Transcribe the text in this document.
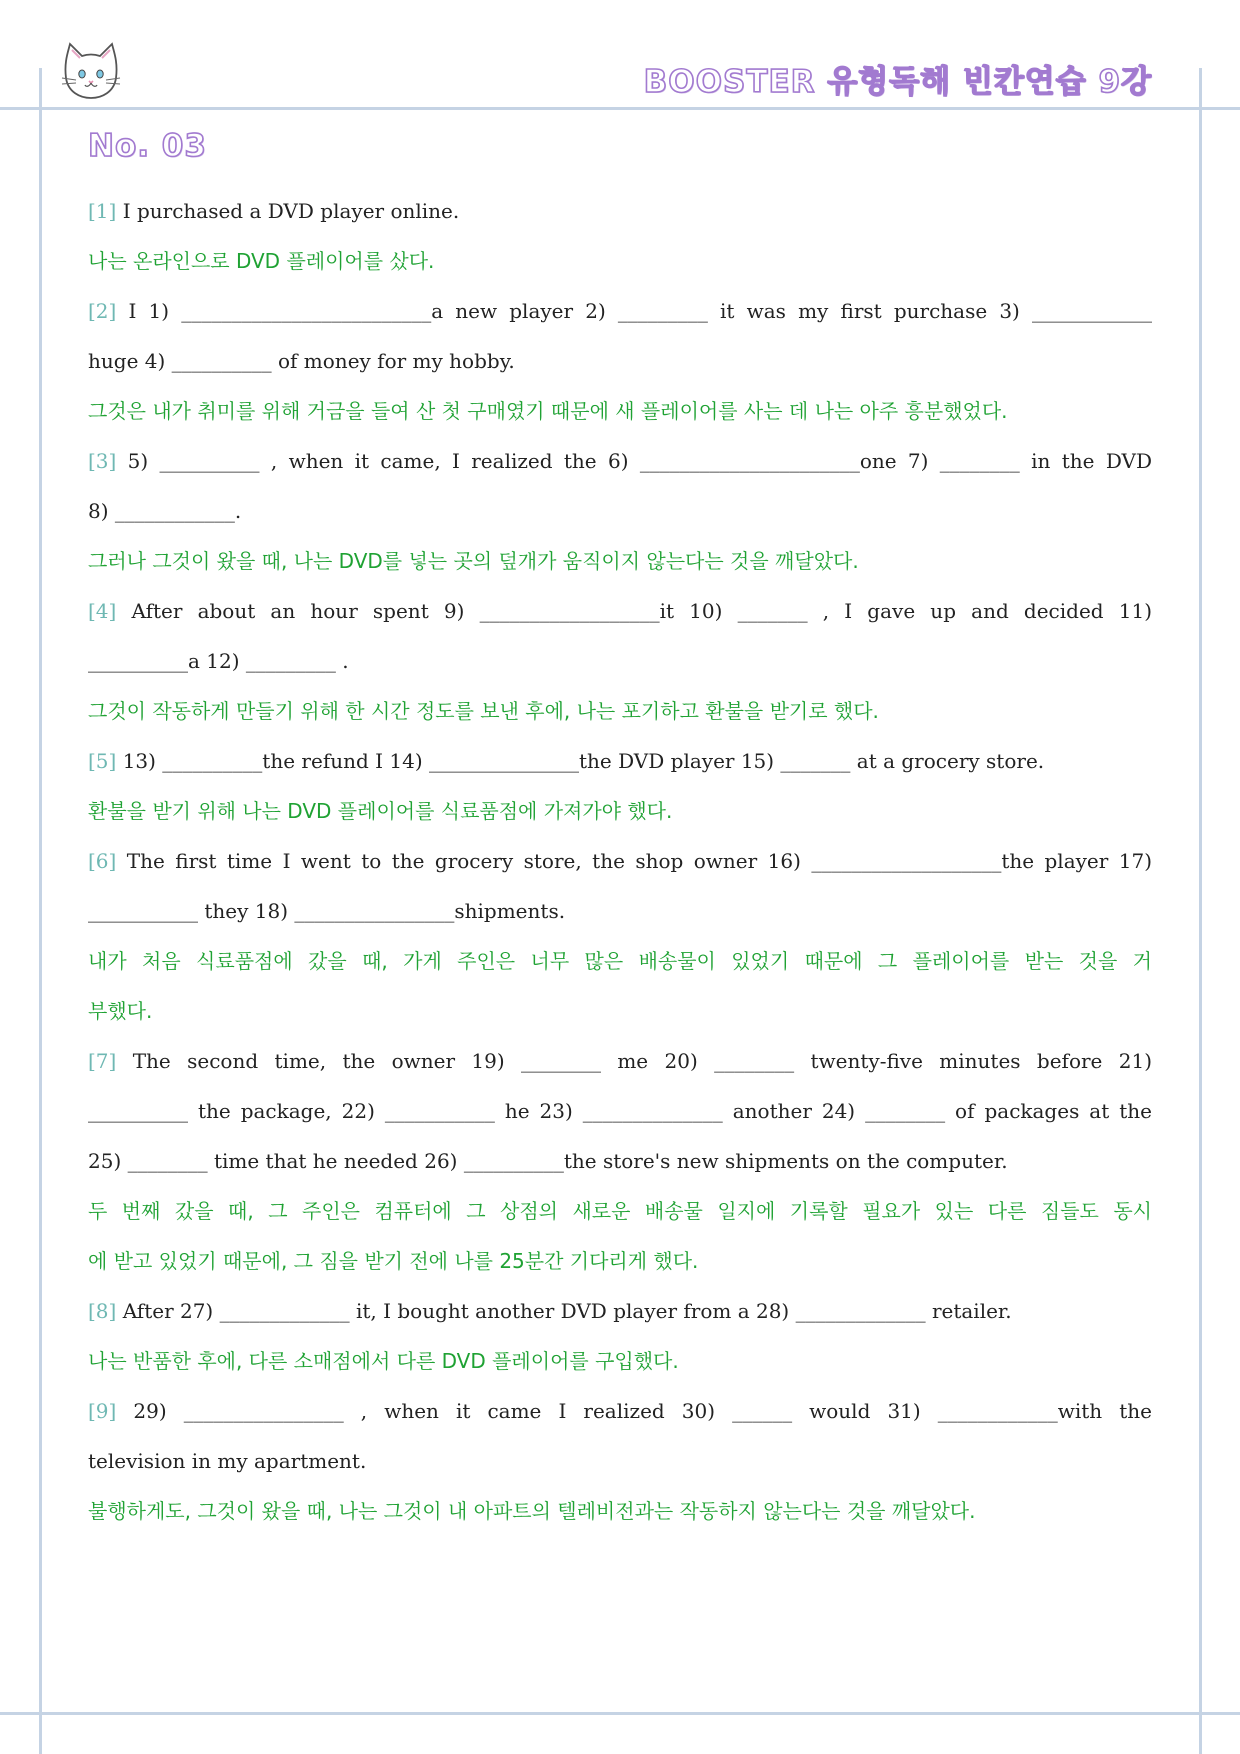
BOOSTER 유형독해 빈칸연습 9강
No. 03
[1] I purchased a DVD player online.
나는 온라인으로 DVD 플레이어를 샀다.
[2] I 1) _________________________a new player 2) _________ it was my first purchase 3) ____________
huge 4) __________ of money for my hobby.
그것은 내가 취미를 위해 거금을 들여 산 첫 구매였기 때문에 새 플레이어를 사는 데 나는 아주 흥분했었다.
[3] 5) __________ , when it came, I realized the 6) ______________________one 7) ________ in the DVD
8) ____________.
그러나 그것이 왔을 때, 나는 DVD를 넣는 곳의 덮개가 움직이지 않는다는 것을 깨달았다.
[4] After about an hour spent 9) __________________it 10) _______ , I gave up and decided 11)
__________a 12) _________ .
그것이 작동하게 만들기 위해 한 시간 정도를 보낸 후에, 나는 포기하고 환불을 받기로 했다.
[5] 13) __________the refund I 14) _______________the DVD player 15) _______ at a grocery store.
환불을 받기 위해 나는 DVD 플레이어를 식료품점에 가져가야 했다.
[6] The first time I went to the grocery store, the shop owner 16) ___________________the player 17)
___________ they 18) ________________shipments.
내가 처음 식료품점에 갔을 때, 가게 주인은 너무 많은 배송물이 있었기 때문에 그 플레이어를 받는 것을 거
부했다.
[7] The second time, the owner 19) ________ me 20) ________ twenty-five minutes before 21)
__________ the package, 22) ___________ he 23) ______________ another 24) ________ of packages at the
25) ________ time that he needed 26) __________the store's new shipments on the computer.
두 번째 갔을 때, 그 주인은 컴퓨터에 그 상점의 새로운 배송물 일지에 기록할 필요가 있는 다른 짐들도 동시
에 받고 있었기 때문에, 그 짐을 받기 전에 나를 25분간 기다리게 했다.
[8] After 27) _____________ it, I bought another DVD player from a 28) _____________ retailer.
나는 반품한 후에, 다른 소매점에서 다른 DVD 플레이어를 구입했다.
[9] 29) ________________ , when it came I realized 30) ______ would 31) ____________with the
television in my apartment.
불행하게도, 그것이 왔을 때, 나는 그것이 내 아파트의 텔레비전과는 작동하지 않는다는 것을 깨달았다.
